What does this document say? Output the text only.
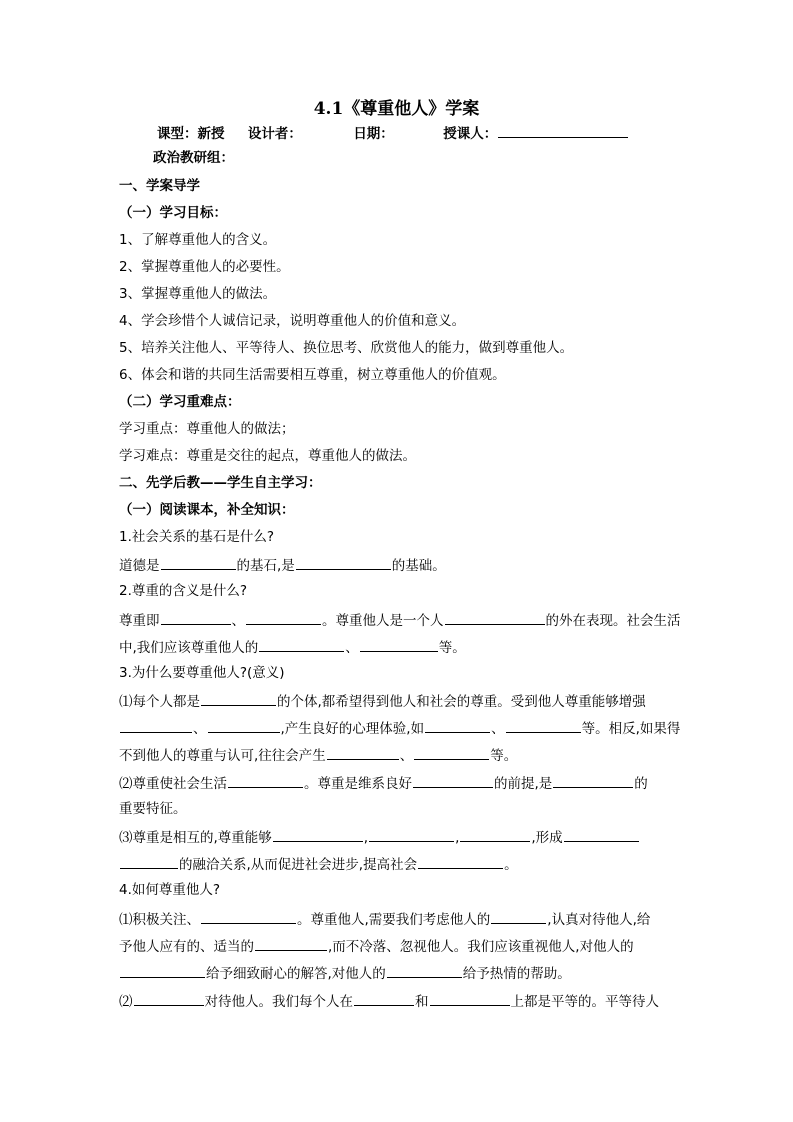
4.1《尊重他人》学案
课型：新授 设计者：	日期：	授课人：
政治教研组：
一、学案导学
（一）学习目标：
1、了解尊重他人的含义。
2、掌握尊重他人的必要性。
3、掌握尊重他人的做法。
4、学会珍惜个人诚信记录，说明尊重他人的价值和意义。
5、培养关注他人、平等待人、换位思考、欣赏他人的能力，做到尊重他人。
6、体会和谐的共同生活需要相互尊重，树立尊重他人的价值观。
（二）学习重难点：
学习重点：尊重他人的做法；
学习难点：尊重是交往的起点，尊重他人的做法。
二、先学后教——学生自主学习：
（一）阅读课本，补全知识：
1.社会关系的基石是什么?
道德是	的基石,是	的基础。
2.尊重的含义是什么?
尊重即	、	。尊重他人是一个人	的外在表现。社会生活
中,我们应该尊重他人的	、	等。
3.为什么要尊重他人?(意义)
⑴每个人都是	的个体,都希望得到他人和社会的尊重。受到他人尊重能够增强
、	,产生良好的心理体验,如	、	等。相反,如果得
不到他人的尊重与认可,往往会产生	、	等。
⑵尊重使社会生活	。尊重是维系良好	的前提,是	的
重要特征。
⑶尊重是相互的,尊重能够	,	,	,形成
的融洽关系,从而促进社会进步,提高社会	。
4.如何尊重他人?
⑴积极关注、	。尊重他人,需要我们考虑他人的	,认真对待他人,给
予他人应有的、适当的	,而不冷落、忽视他人。我们应该重视他人,对他人的
给予细致耐心的解答,对他人的	给予热情的帮助。
⑵	对待他人。我们每个人在	和	上都是平等的。平等待人
